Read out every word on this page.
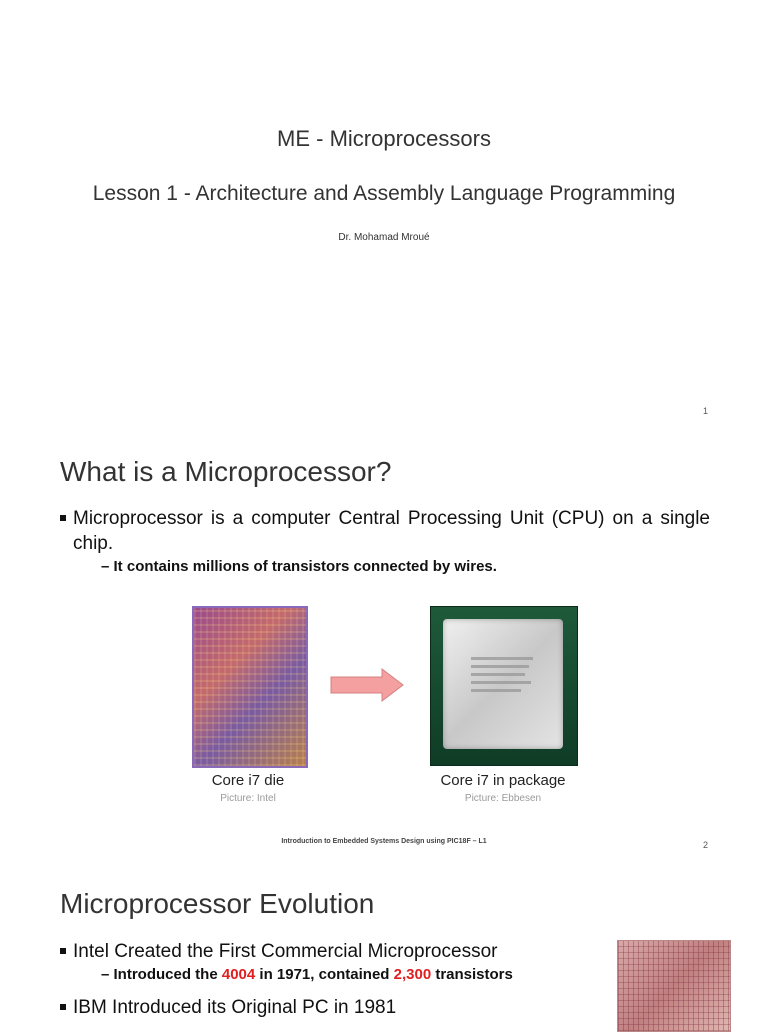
ME - Microprocessors
Lesson 1 - Architecture and Assembly Language Programming
Dr. Mohamad Mroué
1
What is a Microprocessor?
Microprocessor is a computer Central Processing Unit (CPU) on a single chip.
– It contains millions of transistors connected by wires.
Core i7 die
Picture: Intel
Core i7 in package
Picture: Ebbesen
Introduction to Embedded Systems Design using PIC18F – L1	2
Microprocessor Evolution
Intel Created the First Commercial Microprocessor
– Introduced the 4004 in 1971, contained 2,300 transistors
IBM Introduced its Original PC in 1981
